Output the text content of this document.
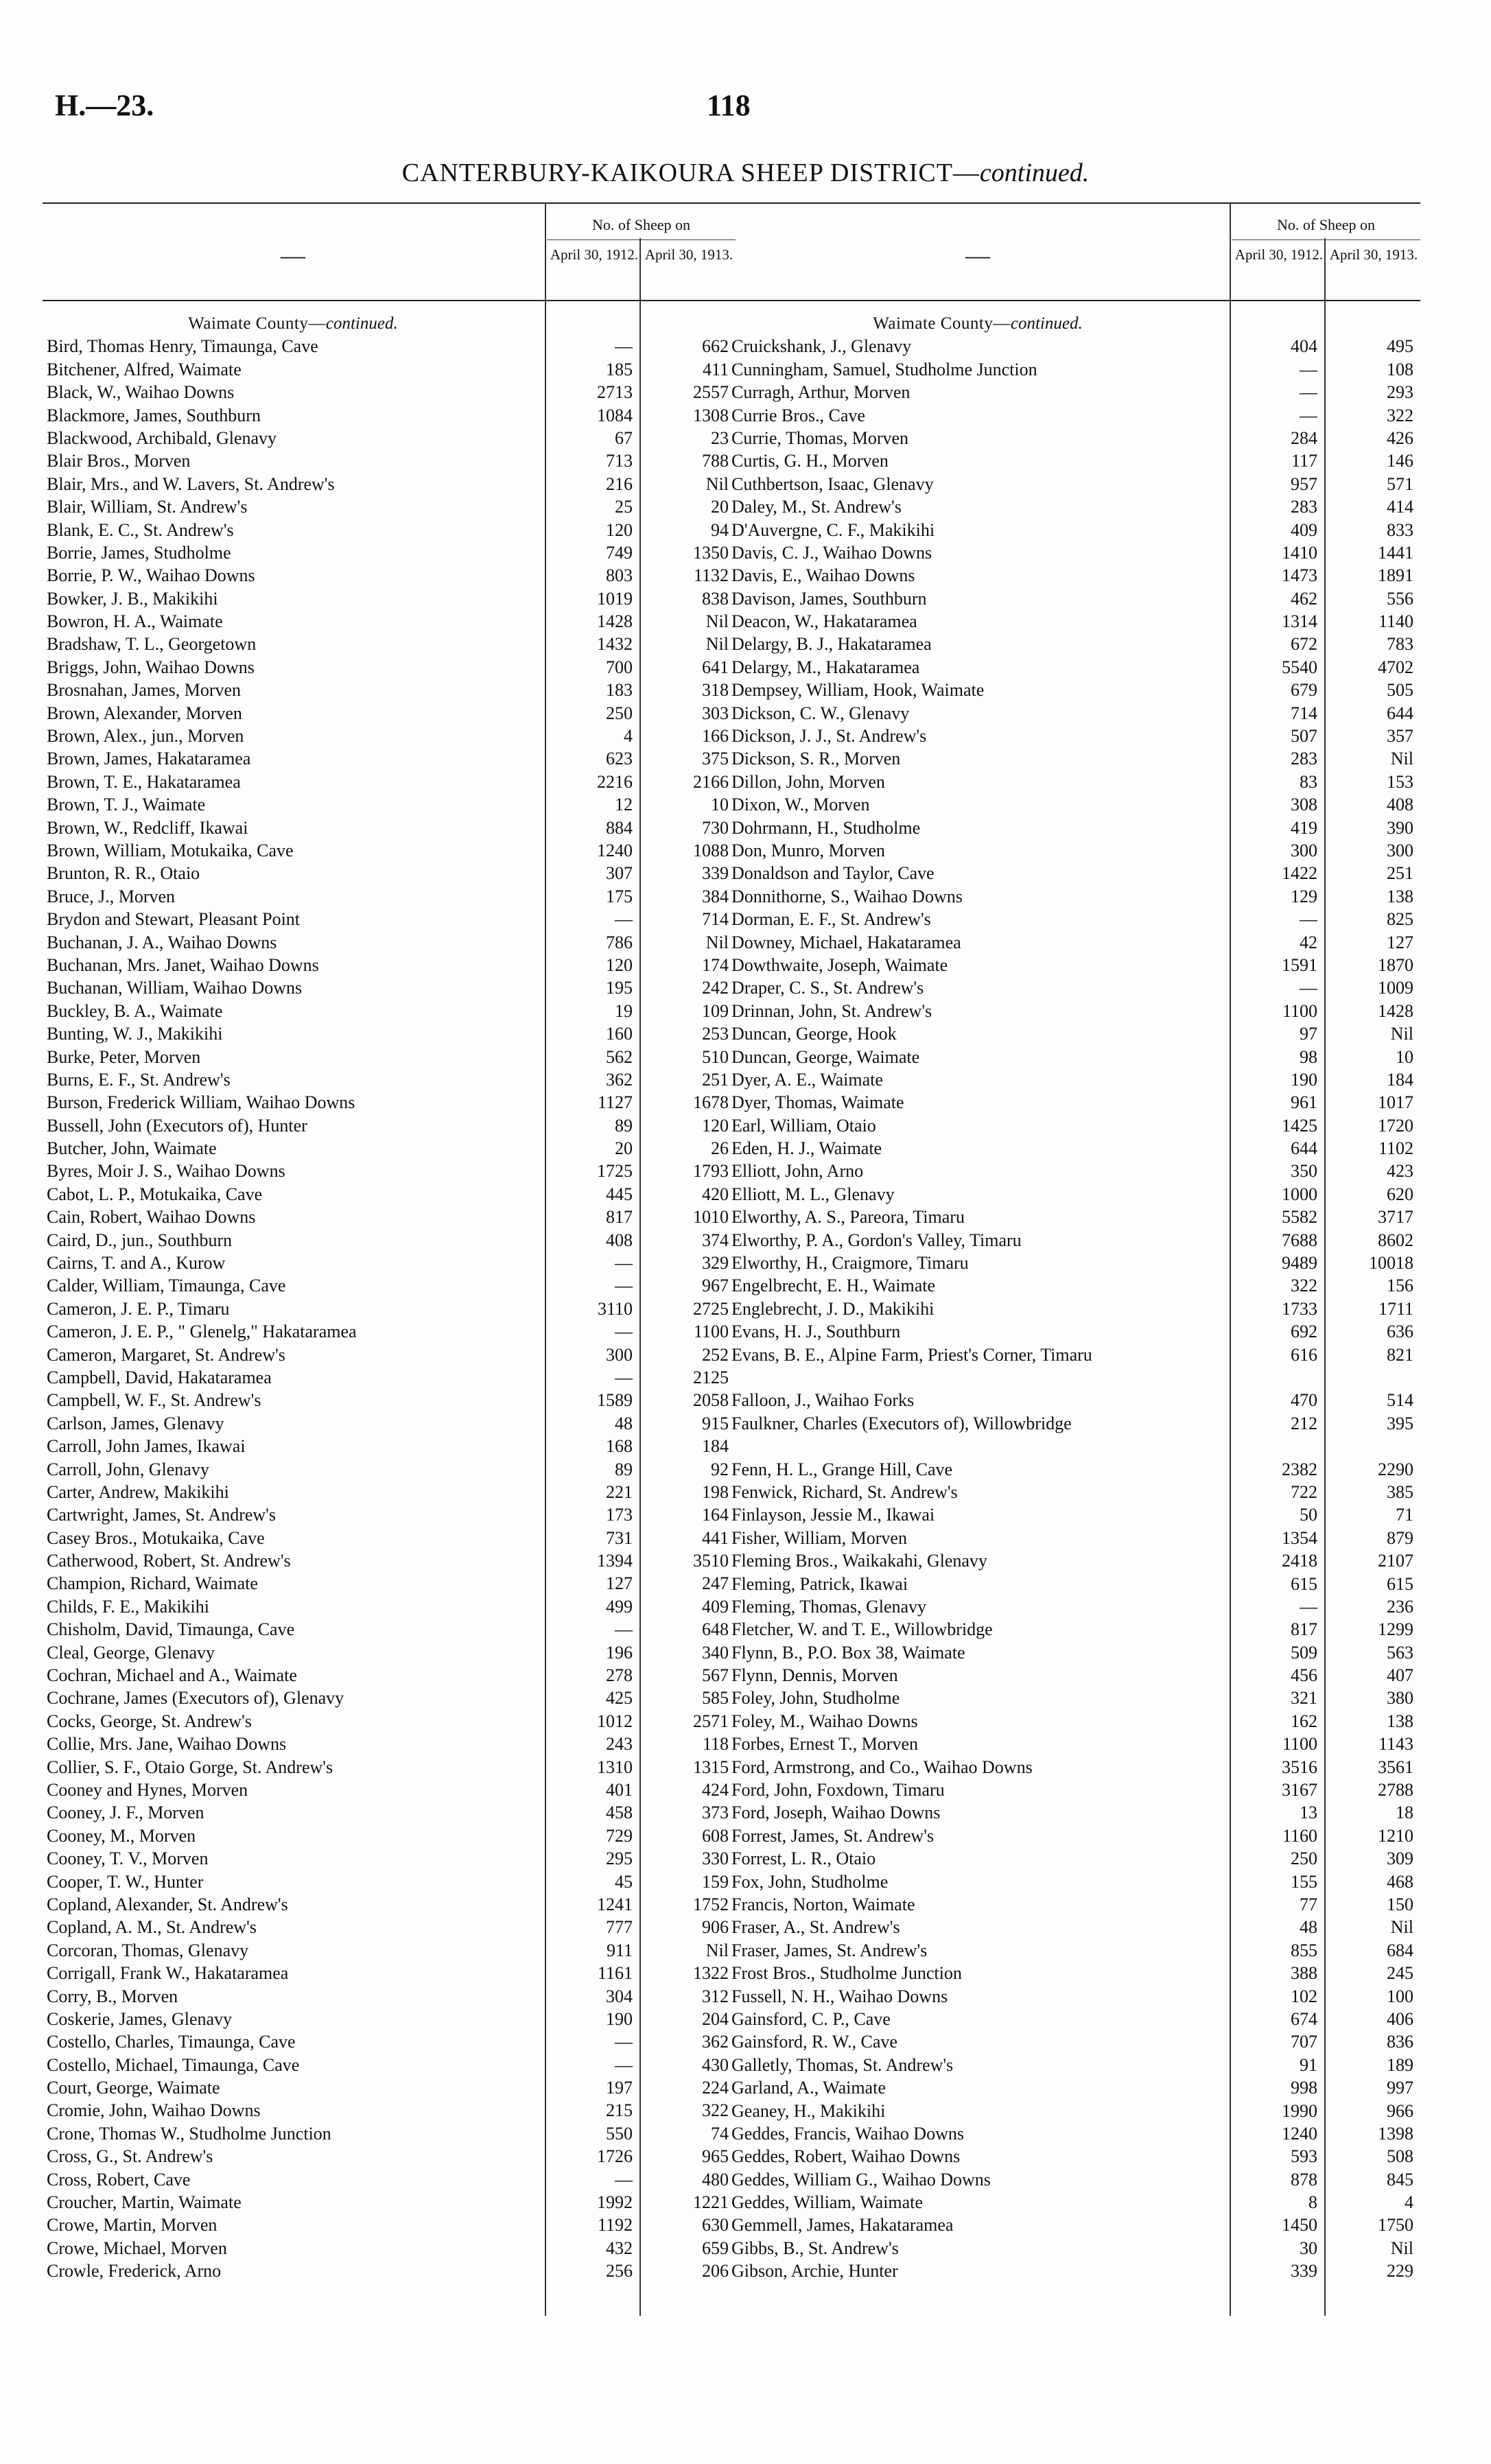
H.—23.	118
CANTERBURY-KAIKOURA SHEEP DISTRICT—continued.
—
No. of Sheep on
April 30, 1912. April 30, 1913.
Waimate County—continued.
Bird, Thomas Henry, Timaunga, Cave	—	662
Bitchener, Alfred, Waimate	185	411
Black, W., Waihao Downs	2713	2557
Blackmore, James, Southburn	1084	1308
Blackwood, Archibald, Glenavy	67	23
Blair Bros., Morven	713	788
Blair, Mrs., and W. Lavers, St. Andrew's	216	Nil
Blair, William, St. Andrew's	25	20
Blank, E. C., St. Andrew's	120	94
Borrie, James, Studholme	749	1350
Borrie, P. W., Waihao Downs	803	1132
Bowker, J. B., Makikihi	1019	838
Bowron, H. A., Waimate	1428	Nil
Bradshaw, T. L., Georgetown	1432	Nil
Briggs, John, Waihao Downs	700	641
Brosnahan, James, Morven	183	318
Brown, Alexander, Morven	250	303
Brown, Alex., jun., Morven	4	166
Brown, James, Hakataramea	623	375
Brown, T. E., Hakataramea	2216	2166
Brown, T. J., Waimate	12	10
Brown, W., Redcliff, Ikawai	884	730
Brown, William, Motukaika, Cave	1240	1088
Brunton, R. R., Otaio	307	339
Bruce, J., Morven	175	384
Brydon and Stewart, Pleasant Point	—	714
Buchanan, J. A., Waihao Downs	786	Nil
Buchanan, Mrs. Janet, Waihao Downs	120	174
Buchanan, William, Waihao Downs	195	242
Buckley, B. A., Waimate	19	109
Bunting, W. J., Makikihi	160	253
Burke, Peter, Morven	562	510
Burns, E. F., St. Andrew's	362	251
Burson, Frederick William, Waihao Downs	1127	1678
Bussell, John (Executors of), Hunter	89	120
Butcher, John, Waimate	20	26
Byres, Moir J. S., Waihao Downs	1725	1793
Cabot, L. P., Motukaika, Cave	445	420
Cain, Robert, Waihao Downs	817	1010
Caird, D., jun., Southburn	408	374
Cairns, T. and A., Kurow	—	329
Calder, William, Timaunga, Cave	—	967
Cameron, J. E. P., Timaru	3110	2725
Cameron, J. E. P., " Glenelg," Hakataramea	—	1100
Cameron, Margaret, St. Andrew's	300	252
Campbell, David, Hakataramea	—	2125
Campbell, W. F., St. Andrew's	1589	2058
Carlson, James, Glenavy	48	915
Carroll, John James, Ikawai	168	184
Carroll, John, Glenavy	89	92
Carter, Andrew, Makikihi	221	198
Cartwright, James, St. Andrew's	173	164
Casey Bros., Motukaika, Cave	731	441
Catherwood, Robert, St. Andrew's	1394	3510
Champion, Richard, Waimate	127	247
Childs, F. E., Makikihi	499	409
Chisholm, David, Timaunga, Cave	—	648
Cleal, George, Glenavy	196	340
Cochran, Michael and A., Waimate	278	567
Cochrane, James (Executors of), Glenavy	425	585
Cocks, George, St. Andrew's	1012	2571
Collie, Mrs. Jane, Waihao Downs	243	118
Collier, S. F., Otaio Gorge, St. Andrew's	1310	1315
Cooney and Hynes, Morven	401	424
Cooney, J. F., Morven	458	373
Cooney, M., Morven	729	608
Cooney, T. V., Morven	295	330
Cooper, T. W., Hunter	45	159
Copland, Alexander, St. Andrew's	1241	1752
Copland, A. M., St. Andrew's	777	906
Corcoran, Thomas, Glenavy	911	Nil
Corrigall, Frank W., Hakataramea	1161	1322
Corry, B., Morven	304	312
Coskerie, James, Glenavy	190	204
Costello, Charles, Timaunga, Cave	—	362
Costello, Michael, Timaunga, Cave	—	430
Court, George, Waimate	197	224
Cromie, John, Waihao Downs	215	322
Crone, Thomas W., Studholme Junction	550	74
Cross, G., St. Andrew's	1726	965
Cross, Robert, Cave	—	480
Croucher, Martin, Waimate	1992	1221
Crowe, Martin, Morven	1192	630
Crowe, Michael, Morven	432	659
Crowle, Frederick, Arno	256	206
—
No. of Sheep on
April 30, 1912. April 30, 1913.
Waimate County—continued.
Cruickshank, J., Glenavy	404	495
Cunningham, Samuel, Studholme Junction	—	108
Curragh, Arthur, Morven	—	293
Currie Bros., Cave	—	322
Currie, Thomas, Morven	284	426
Curtis, G. H., Morven	117	146
Cuthbertson, Isaac, Glenavy	957	571
Daley, M., St. Andrew's	283	414
D'Auvergne, C. F., Makikihi	409	833
Davis, C. J., Waihao Downs	1410	1441
Davis, E., Waihao Downs	1473	1891
Davison, James, Southburn	462	556
Deacon, W., Hakataramea	1314	1140
Delargy, B. J., Hakataramea	672	783
Delargy, M., Hakataramea	5540	4702
Dempsey, William, Hook, Waimate	679	505
Dickson, C. W., Glenavy	714	644
Dickson, J. J., St. Andrew's	507	357
Dickson, S. R., Morven	283	Nil
Dillon, John, Morven	83	153
Dixon, W., Morven	308	408
Dohrmann, H., Studholme	419	390
Don, Munro, Morven	300	300
Donaldson and Taylor, Cave	1422	251
Donnithorne, S., Waihao Downs	129	138
Dorman, E. F., St. Andrew's	—	825
Downey, Michael, Hakataramea	42	127
Dowthwaite, Joseph, Waimate	1591	1870
Draper, C. S., St. Andrew's	—	1009
Drinnan, John, St. Andrew's	1100	1428
Duncan, George, Hook	97	Nil
Duncan, George, Waimate	98	10
Dyer, A. E., Waimate	190	184
Dyer, Thomas, Waimate	961	1017
Earl, William, Otaio	1425	1720
Eden, H. J., Waimate	644	1102
Elliott, John, Arno	350	423
Elliott, M. L., Glenavy	1000	620
Elworthy, A. S., Pareora, Timaru	5582	3717
Elworthy, P. A., Gordon's Valley, Timaru	7688	8602
Elworthy, H., Craigmore, Timaru	9489	10018
Engelbrecht, E. H., Waimate	322	156
Englebrecht, J. D., Makikihi	1733	1711
Evans, H. J., Southburn	692	636
Evans, B. E., Alpine Farm, Priest's Corner, Timaru	616	821
Falloon, J., Waihao Forks	470	514
Faulkner, Charles (Executors of), Willowbridge	212	395
Fenn, H. L., Grange Hill, Cave	2382	2290
Fenwick, Richard, St. Andrew's	722	385
Finlayson, Jessie M., Ikawai	50	71
Fisher, William, Morven	1354	879
Fleming Bros., Waikakahi, Glenavy	2418	2107
Fleming, Patrick, Ikawai	615	615
Fleming, Thomas, Glenavy	—	236
Fletcher, W. and T. E., Willowbridge	817	1299
Flynn, B., P.O. Box 38, Waimate	509	563
Flynn, Dennis, Morven	456	407
Foley, John, Studholme	321	380
Foley, M., Waihao Downs	162	138
Forbes, Ernest T., Morven	1100	1143
Ford, Armstrong, and Co., Waihao Downs	3516	3561
Ford, John, Foxdown, Timaru	3167	2788
Ford, Joseph, Waihao Downs	13	18
Forrest, James, St. Andrew's	1160	1210
Forrest, L. R., Otaio	250	309
Fox, John, Studholme	155	468
Francis, Norton, Waimate	77	150
Fraser, A., St. Andrew's	48	Nil
Fraser, James, St. Andrew's	855	684
Frost Bros., Studholme Junction	388	245
Fussell, N. H., Waihao Downs	102	100
Gainsford, C. P., Cave	674	406
Gainsford, R. W., Cave	707	836
Galletly, Thomas, St. Andrew's	91	189
Garland, A., Waimate	998	997
Geaney, H., Makikihi	1990	966
Geddes, Francis, Waihao Downs	1240	1398
Geddes, Robert, Waihao Downs	593	508
Geddes, William G., Waihao Downs	878	845
Geddes, William, Waimate	8	4
Gemmell, James, Hakataramea	1450	1750
Gibbs, B., St. Andrew's	30	Nil
Gibson, Archie, Hunter	339	229
